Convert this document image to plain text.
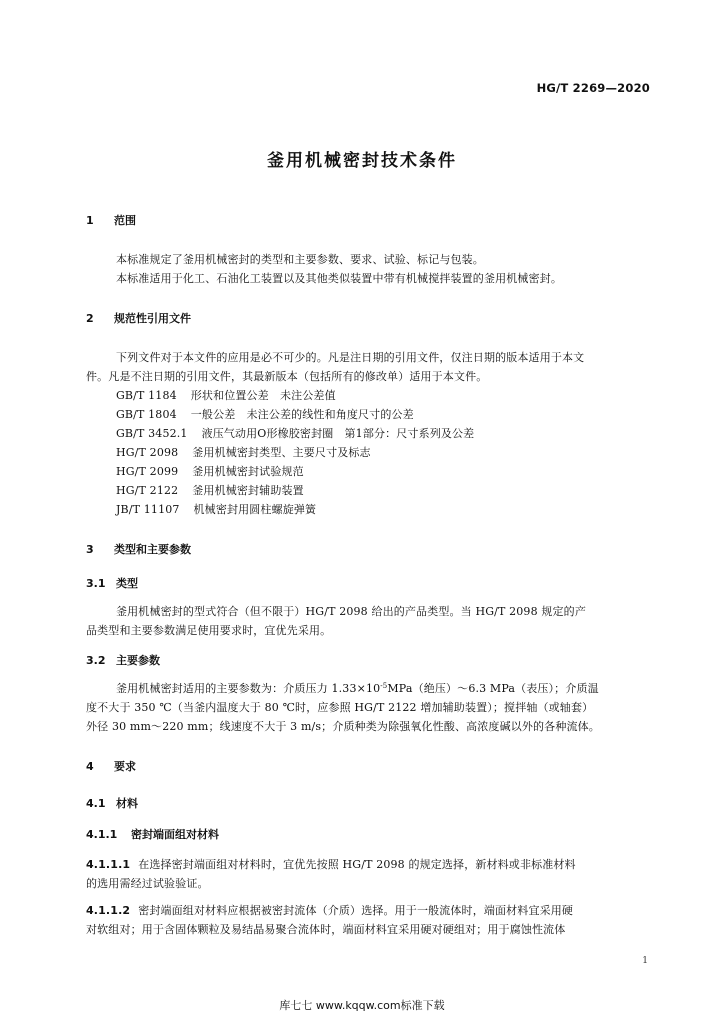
HG/T 2269—2020
釜用机械密封技术条件
1 范围
本标准规定了釜用机械密封的类型和主要参数、要求、试验、标记与包装。
本标准适用于化工、石油化工装置以及其他类似装置中带有机械搅拌装置的釜用机械密封。
2 规范性引用文件
下列文件对于本文件的应用是必不可少的。凡是注日期的引用文件，仅注日期的版本适用于本文
件。凡是不注日期的引用文件，其最新版本（包括所有的修改单）适用于本文件。
GB/T 1184 形状和位置公差　未注公差值
GB/T 1804 一般公差　未注公差的线性和角度尺寸的公差
GB/T 3452.1 液压气动用O形橡胶密封圈　第1部分：尺寸系列及公差
HG/T 2098 釜用机械密封类型、主要尺寸及标志
HG/T 2099 釜用机械密封试验规范
HG/T 2122 釜用机械密封辅助装置
JB/T 11107 机械密封用圆柱螺旋弹簧
3 类型和主要参数
3.1 类型
釜用机械密封的型式符合（但不限于）HG/T 2098 给出的产品类型。当 HG/T 2098 规定的产
品类型和主要参数满足使用要求时，宜优先采用。
3.2 主要参数
釜用机械密封适用的主要参数为：介质压力 $1.33\times 10^{-5}MPa$（绝压）～6.3 MPa（表压）；介质温
度不大于 350 ℃（当釜内温度大于 80 ℃时，应参照 HG/T 2122 增加辅助装置）；搅拌轴（或轴套）
外径 30 mm～220 mm；线速度不大于 3 m/s；介质种类为除强氧化性酸、高浓度碱以外的各种流体。
4 要求
4.1 材料
4.1.1 密封端面组对材料
4.1.1.1 在选择密封端面组对材料时，宜优先按照 HG/T 2098 的规定选择，新材料或非标准材料
的选用需经过试验验证。
4.1.1.2 密封端面组对材料应根据被密封流体（介质）选择。用于一般流体时，端面材料宜采用硬
对软组对；用于含固体颗粒及易结晶易聚合流体时，端面材料宜采用硬对硬组对；用于腐蚀性流体
1
库七七 www.kqqw.com标准下载
